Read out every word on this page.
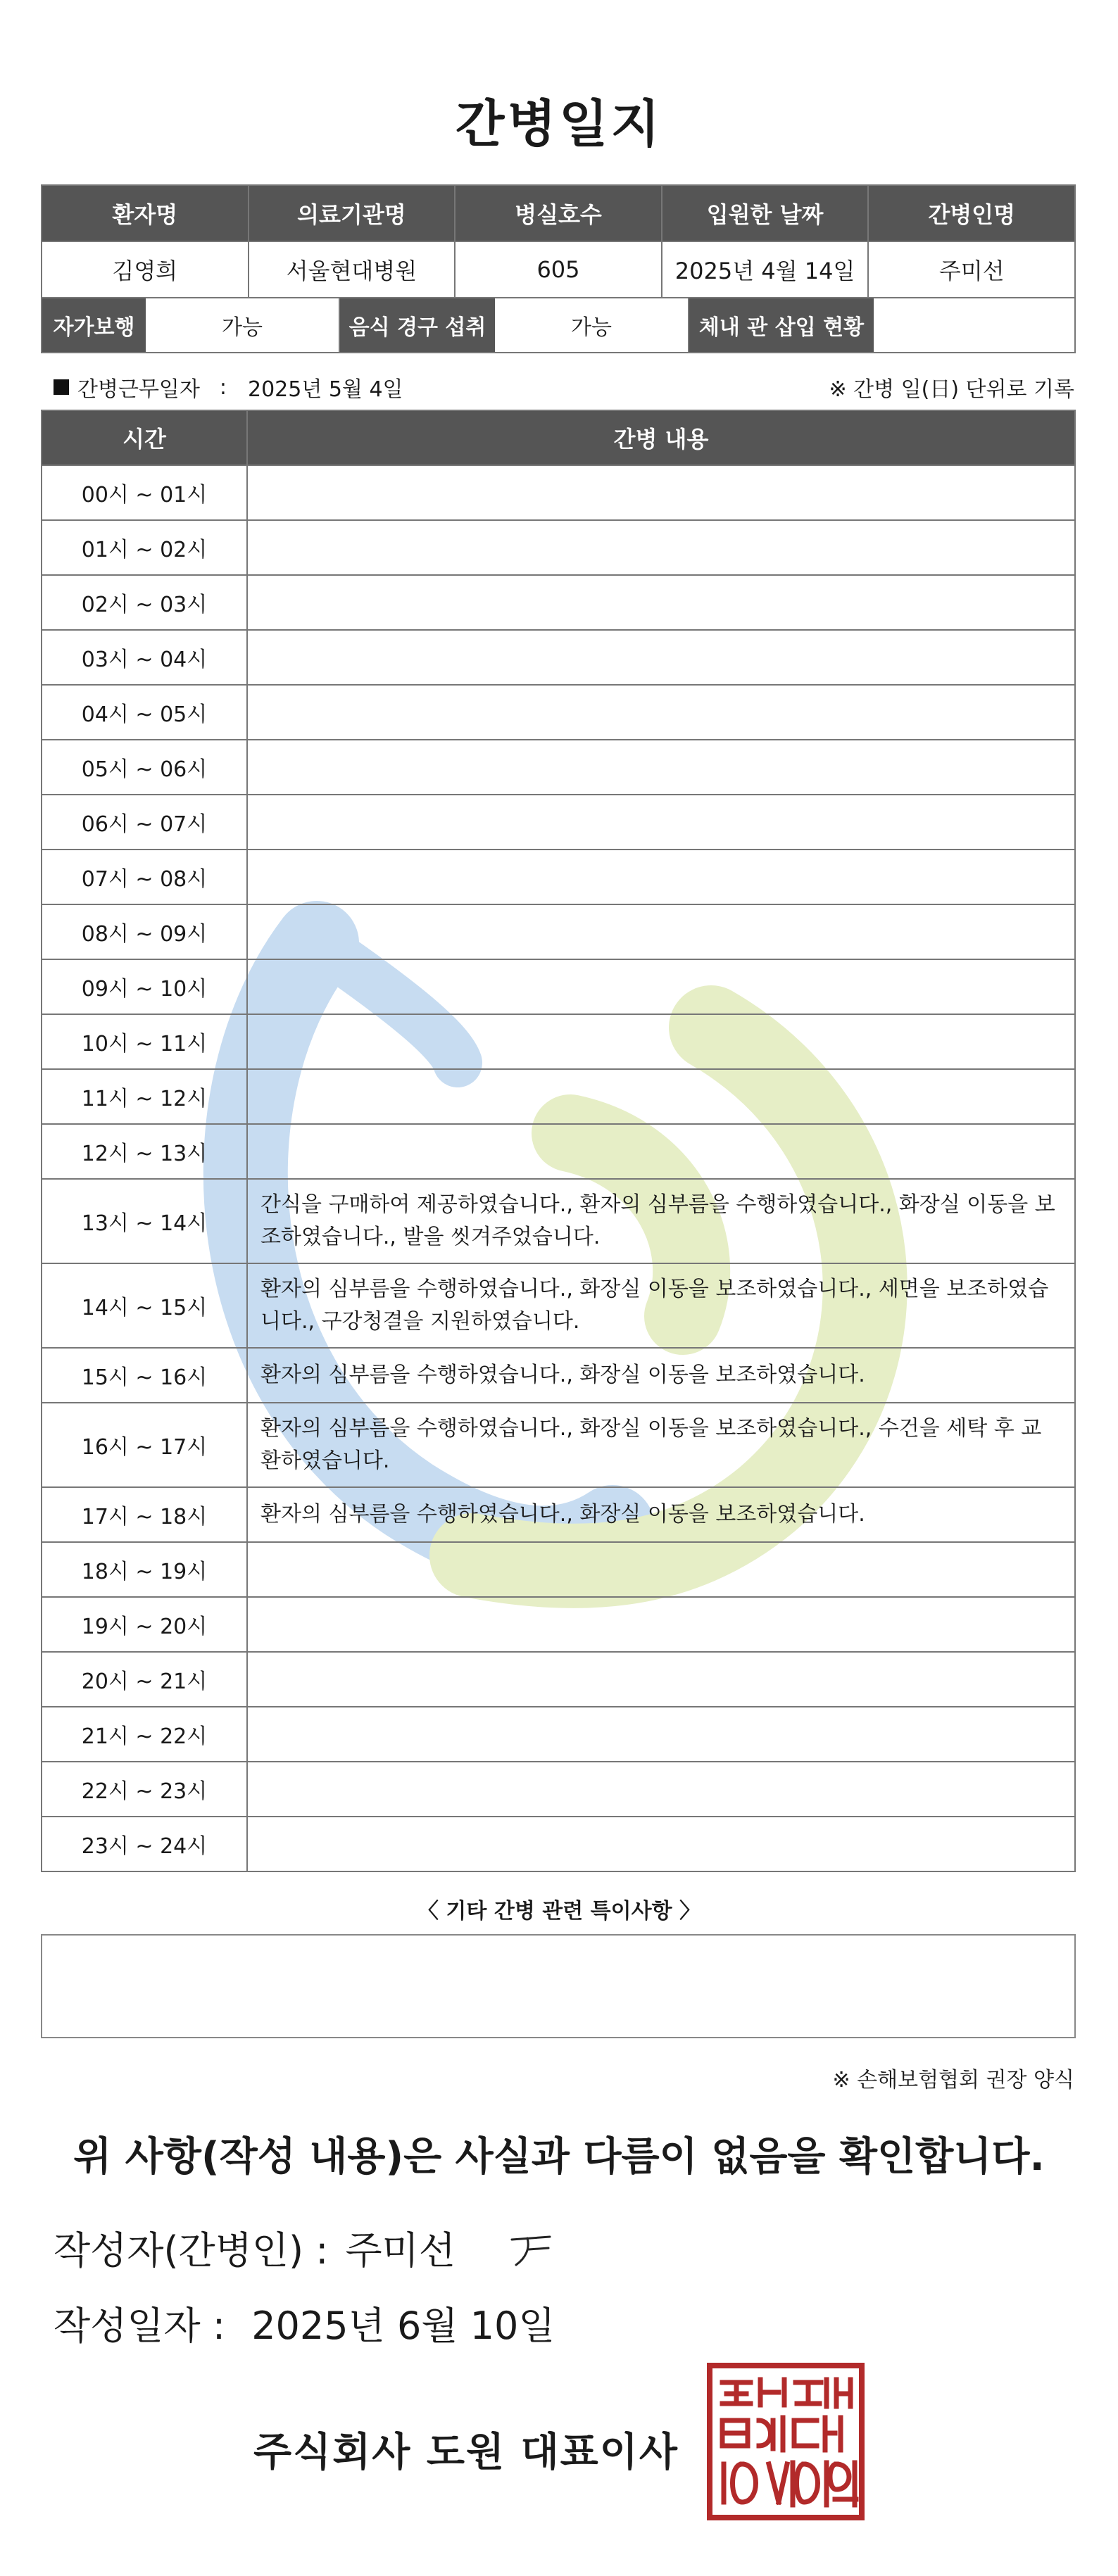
간병일지
환자명	의료기관명	병실호수	입원한 날짜	간병인명
김영희	서울현대병원	605	2025년 4월 14일	주미선
자가보행	가능	음식 경구 섭취	가능	체내 관 삽입 현황
간병근무일자 : 2025년 5월 4일	※ 간병 일(日) 단위로 기록
시간	간병 내용
00시 ~ 01시	
01시 ~ 02시	
02시 ~ 03시	
03시 ~ 04시	
04시 ~ 05시	
05시 ~ 06시	
06시 ~ 07시	
07시 ~ 08시	
08시 ~ 09시	
09시 ~ 10시	
10시 ~ 11시	
11시 ~ 12시	
12시 ~ 13시	
13시 ~ 14시	간식을 구매하여 제공하였습니다., 환자의 심부름을 수행하였습니다., 화장실 이동을 보조하였습니다., 발을 씻겨주었습니다.
14시 ~ 15시	환자의 심부름을 수행하였습니다., 화장실 이동을 보조하였습니다., 세면을 보조하였습니다., 구강청결을 지원하였습니다.
15시 ~ 16시	환자의 심부름을 수행하였습니다., 화장실 이동을 보조하였습니다.
16시 ~ 17시	환자의 심부름을 수행하였습니다., 화장실 이동을 보조하였습니다., 수건을 세탁 후 교환하였습니다.
17시 ~ 18시	환자의 심부름을 수행하였습니다., 화장실 이동을 보조하였습니다.
18시 ~ 19시	
19시 ~ 20시	
20시 ~ 21시	
21시 ~ 22시	
22시 ~ 23시	
23시 ~ 24시	
〈 기타 간병 관련 특이사항 〉
※ 손해보험협회 권장 양식
위 사항(작성 내용)은 사실과 다름이 없음을 확인합니다.
작성자(간병인) : 주미선
작성일자 : 2025년 6월 10일
주식회사 도원 대표이사
